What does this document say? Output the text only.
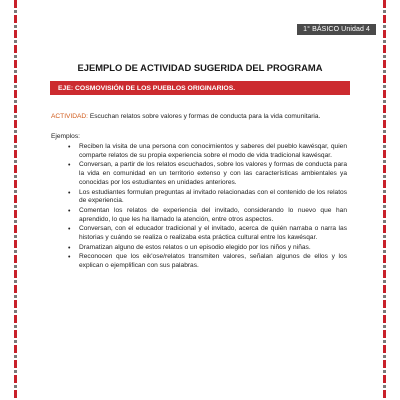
1° BÁSICO Unidad 4
EJEMPLO DE ACTIVIDAD SUGERIDA DEL PROGRAMA
EJE: COSMOVISIÓN DE LOS PUEBLOS ORIGINARIOS.
ACTIVIDAD: Escuchan relatos sobre valores y formas de conducta para la vida comunitaria.
Ejemplos:
• Reciben la visita de una persona con conocimientos y saberes del pueblo kawésqar, quien comparte relatos de su propia experiencia sobre el modo de vida tradicional kawésqar.
• Conversan, a partir de los relatos escuchados, sobre los valores y formas de conducta para la vida en comunidad en un territorio extenso y con las características ambientales ya conocidas por los estudiantes en unidades anteriores.
• Los estudiantes formulan preguntas al invitado relacionadas con el contenido de los relatos de experiencia.
• Comentan los relatos de experiencia del invitado, considerando lo nuevo que han aprendido, lo que les ha llamado la atención, entre otros aspectos.
• Conversan, con el educador tradicional y el invitado, acerca de quién narraba o narra las historias y cuándo se realiza o realizaba esta práctica cultural entre los kawésqar.
• Dramatizan alguno de estos relatos o un episodio elegido por los niños y niñas.
• Reconocen que los eik'ose/relatos transmiten valores, señalan algunos de ellos y los explican o ejemplifican con sus palabras.
